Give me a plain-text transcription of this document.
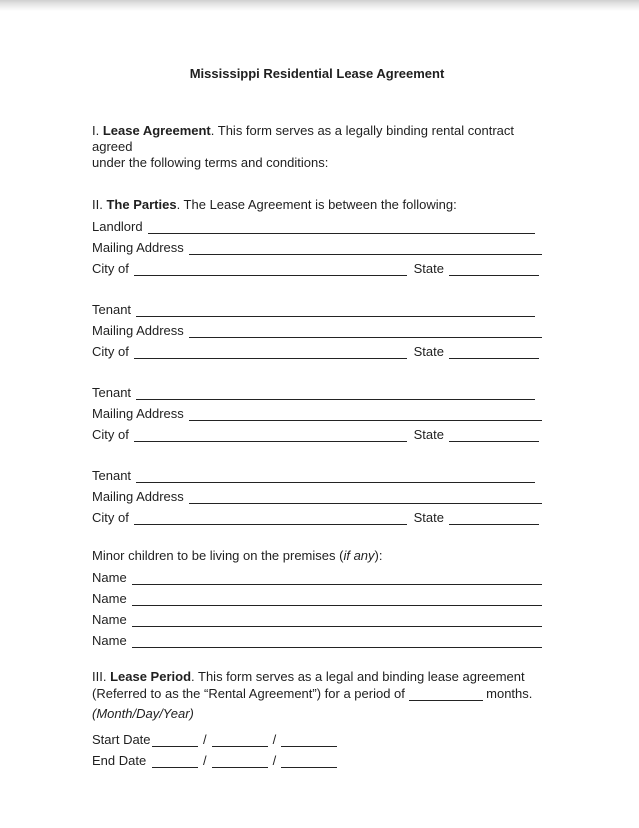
Mississippi Residential Lease Agreement

I. Lease Agreement. This form serves as a legally binding rental contract agreed
under the following terms and conditions:

II. The Parties. The Lease Agreement is between the following:

Landlord
Mailing Address
City of	State
Tenant
Mailing Address
City of	State
Tenant
Mailing Address
City of	State
Tenant
Mailing Address
City of	State

Minor children to be living on the premises (if any):

Name
Name
Name
Name

III. Lease Period. This form serves as a legal and binding lease agreement
(Referred to as the “Rental Agreement”) for a period of	months.

(Month/Day/Year)

Start Date	/	/
End Date	/	/
